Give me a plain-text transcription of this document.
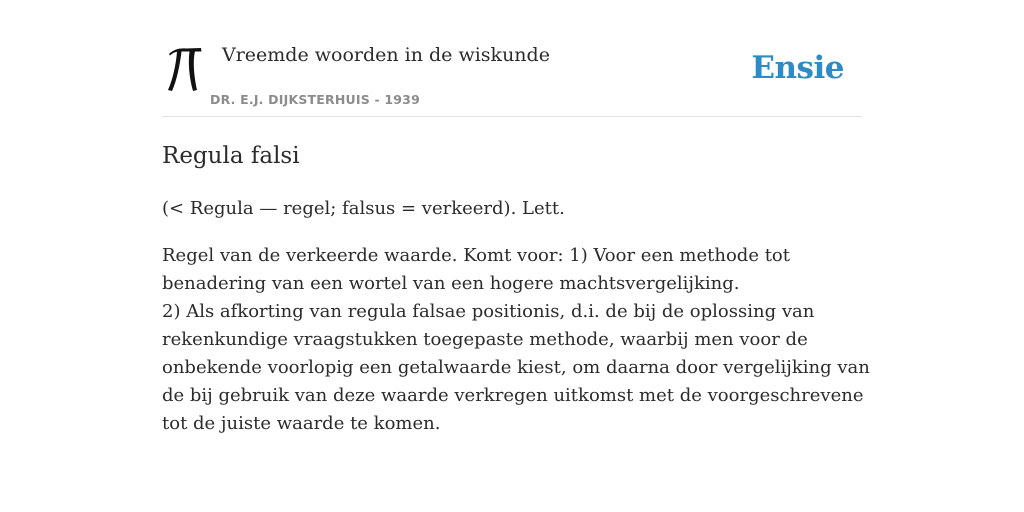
Vreemde woorden in de wiskunde
DR. E.J. DIJKSTERHUIS - 1939
Ensie
Regula falsi

(< Regula — regel; falsus = verkeerd). Lett.

Regel van de verkeerde waarde. Komt voor: 1) Voor een methode tot benadering van een wortel van een hogere machtsvergelijking.
2) Als afkorting van regula falsae positionis, d.i. de bij de oplossing van rekenkundige vraagstukken toegepaste methode, waarbij men voor de onbekende voorlopig een getalwaarde kiest, om daarna door vergelijking van de bij gebruik van deze waarde verkregen uitkomst met de voorgeschrevene tot de juiste waarde te komen.
